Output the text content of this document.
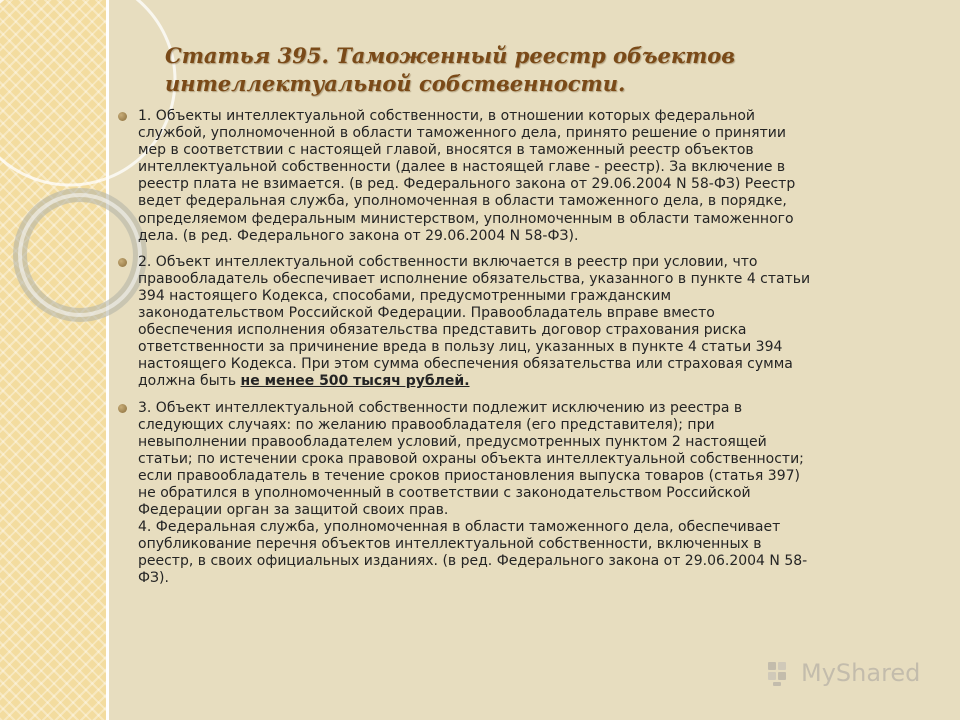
Статья 395. Таможенный реестр объектов
интеллектуальной собственности.

1. Объекты интеллектуальной собственности, в отношении которых федеральной
службой, уполномоченной в области таможенного дела, принято решение о принятии
мер в соответствии с настоящей главой, вносятся в таможенный реестр объектов
интеллектуальной собственности (далее в настоящей главе - реестр). За включение в
реестр плата не взимается. (в ред. Федерального закона от 29.06.2004 N 58-ФЗ) Реестр
ведет федеральная служба, уполномоченная в области таможенного дела, в порядке,
определяемом федеральным министерством, уполномоченным в области таможенного
дела. (в ред. Федерального закона от 29.06.2004 N 58-ФЗ).

2. Объект интеллектуальной собственности включается в реестр при условии, что
правообладатель обеспечивает исполнение обязательства, указанного в пункте 4 статьи
394 настоящего Кодекса, способами, предусмотренными гражданским
законодательством Российской Федерации. Правообладатель вправе вместо
обеспечения исполнения обязательства представить договор страхования риска
ответственности за причинение вреда в пользу лиц, указанных в пункте 4 статьи 394
настоящего Кодекса. При этом сумма обеспечения обязательства или страховая сумма
должна быть не менее 500 тысяч рублей.

3. Объект интеллектуальной собственности подлежит исключению из реестра в
следующих случаях: по желанию правообладателя (его представителя); при
невыполнении правообладателем условий, предусмотренных пунктом 2 настоящей
статьи; по истечении срока правовой охраны объекта интеллектуальной собственности;
если правообладатель в течение сроков приостановления выпуска товаров (статья 397)
не обратился в уполномоченный в соответствии с законодательством Российской
Федерации орган за защитой своих прав.
4. Федеральная служба, уполномоченная в области таможенного дела, обеспечивает
опубликование перечня объектов интеллектуальной собственности, включенных в
реестр, в своих официальных изданиях. (в ред. Федерального закона от 29.06.2004 N 58-
ФЗ).

MyShared
